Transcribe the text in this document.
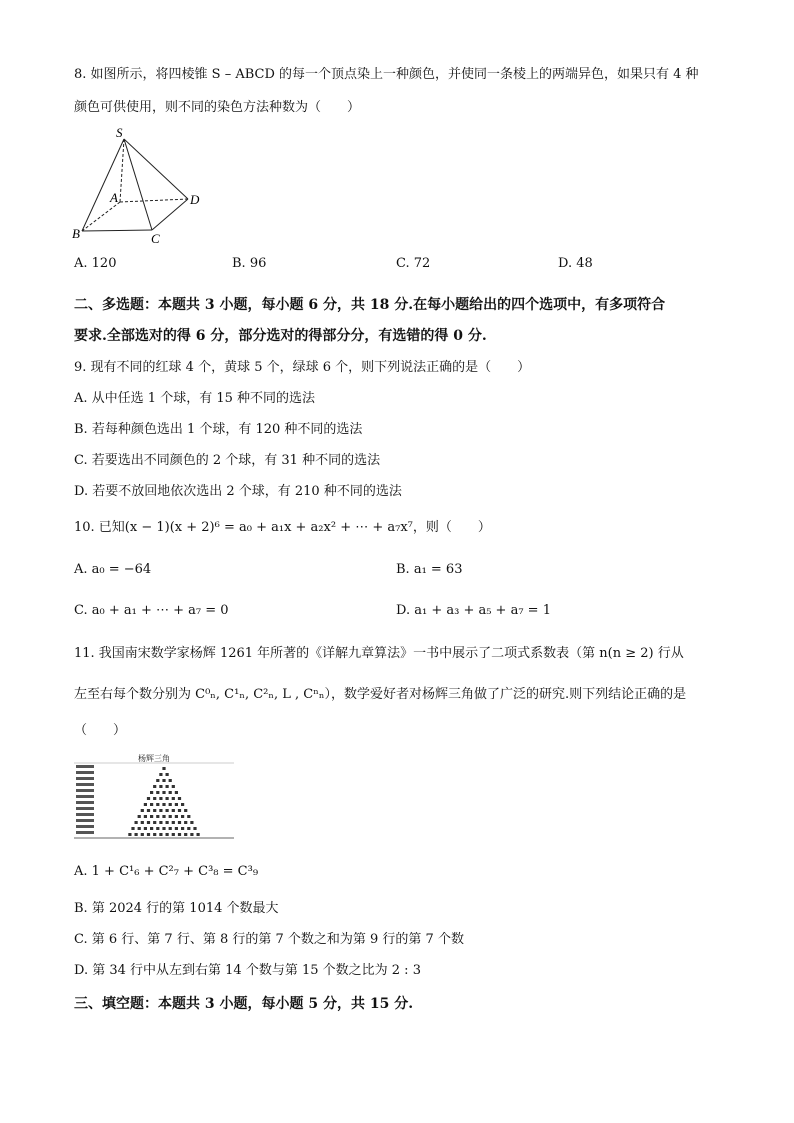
8. 如图所示，将四棱锥 S – ABCD 的每一个顶点染上一种颜色，并使同一条棱上的两端异色，如果只有 4 种
颜色可供使用，则不同的染色方法种数为（　　）
S
A
B	C
D
A. 120	B. 96	C. 72	D. 48
二、多选题：本题共 3 小题，每小题 6 分，共 18 分.在每小题给出的四个选项中，有多项符合
要求.全部选对的得 6 分，部分选对的得部分分，有选错的得 0 分.
9. 现有不同的红球 4 个，黄球 5 个，绿球 6 个，则下列说法正确的是（　　）
A. 从中任选 1 个球，有 15 种不同的选法
B. 若每种颜色选出 1 个球，有 120 种不同的选法
C. 若要选出不同颜色的 2 个球，有 31 种不同的选法
D. 若要不放回地依次选出 2 个球，有 210 种不同的选法
10. 已知(x − 1)(x + 2)⁶ = a₀ + a₁x + a₂x² + ⋯ + a₇x⁷，则（　　）
A. a₀ = −64	B. a₁ = 63
C. a₀ + a₁ + ⋯ + a₇ = 0	D. a₁ + a₃ + a₅ + a₇ = 1
11. 我国南宋数学家杨辉 1261 年所著的《详解九章算法》一书中展示了二项式系数表（第 n(n ≥ 2) 行从
左至右每个数分别为 C⁰ₙ, C¹ₙ, C²ₙ, L , Cⁿₙ），数学爱好者对杨辉三角做了广泛的研究.则下列结论正确的是
（　　）
杨辉三角
A. 1 + C¹₆ + C²₇ + C³₈ = C³₉
B. 第 2024 行的第 1014 个数最大
C. 第 6 行、第 7 行、第 8 行的第 7 个数之和为第 9 行的第 7 个数
D. 第 34 行中从左到右第 14 个数与第 15 个数之比为 2 : 3
三、填空题：本题共 3 小题，每小题 5 分，共 15 分.
